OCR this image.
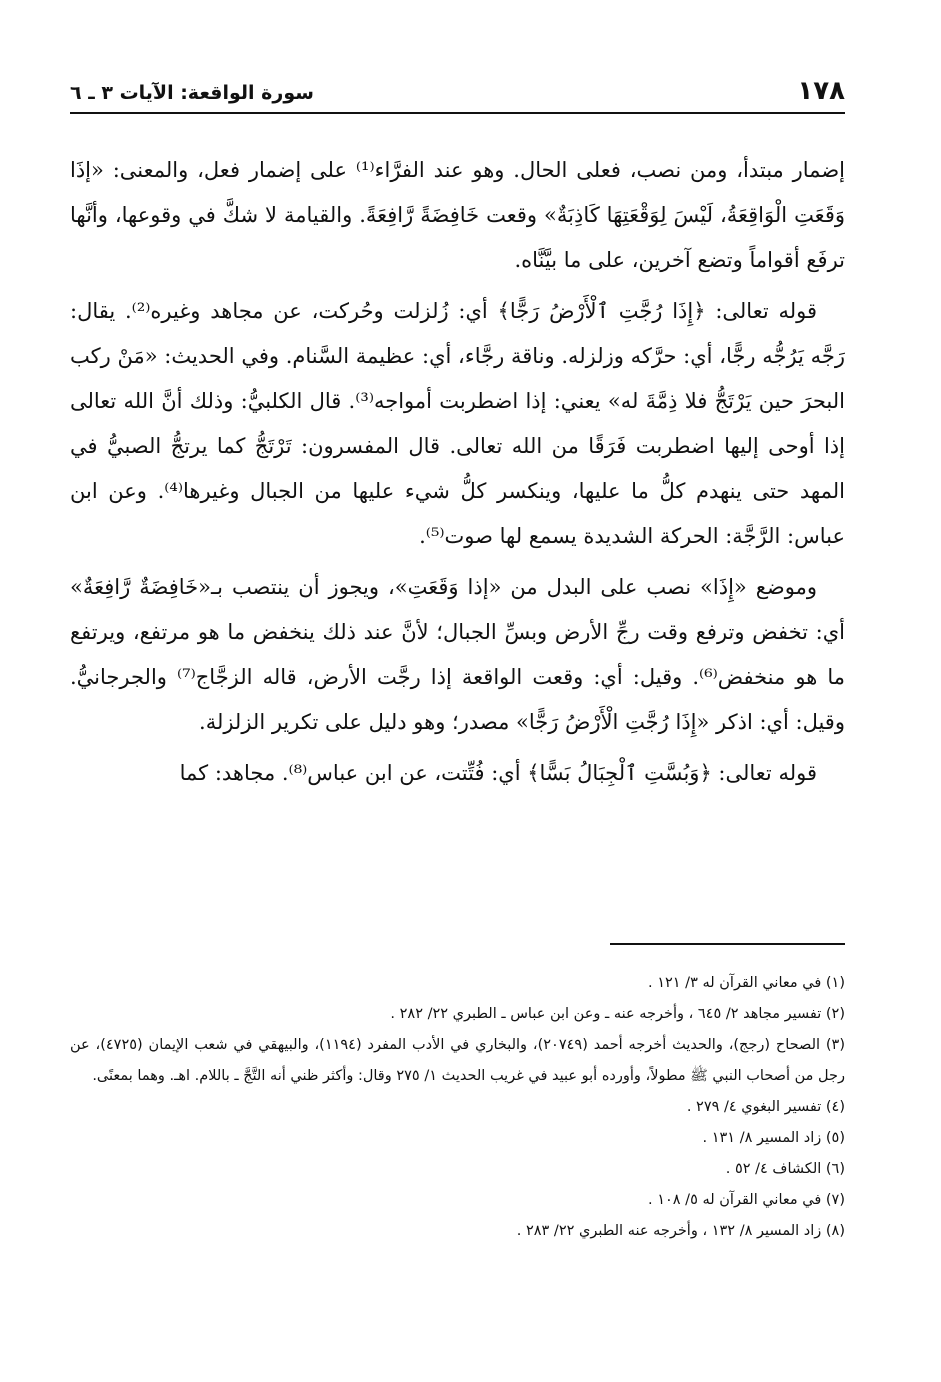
١٧٨
سورة الواقعة: الآيات ٣ ـ ٦

إضمار مبتدأ، ومن نصب، فعلى الحال. وهو عند الفرَّاء⁽¹⁾ على إضمار فعل، والمعنى: «إذَا وَقَعَتِ الْوَاقِعَةُ، لَيْسَ لِوَقْعَتِهَا كَاذِبَةٌ» وقعت خَافِضَةً رَّافِعَةً. والقيامة لا شكَّ في وقوعها، وأنَّها ترفَع أقواماً وتضع آخرين، على ما بيَّنَّاه.

قوله تعالى: ﴿إِذَا رُجَّتِ ٱلْأَرْضُ رَجًّا﴾ أي: زُلزلت وحُركت، عن مجاهد وغيره⁽²⁾. يقال: رَجَّه يَرُجُّه رجًّا، أي: حرَّكه وزلزله. وناقة رجَّاء، أي: عظيمة السَّنام. وفي الحديث: «مَنْ ركب البحرَ حين يَرْتَجُّ فلا ذِمَّةَ له» يعني: إذا اضطربت أمواجه⁽³⁾. قال الكلبيُّ: وذلك أنَّ الله تعالى إذا أوحى إليها اضطربت فَرَقًا من الله تعالى. قال المفسرون: تَرْتَجُّ كما يرتجُّ الصبيُّ في المهد حتى ينهدم كلُّ ما عليها، وينكسر كلُّ شيء عليها من الجبال وغيرها⁽⁴⁾. وعن ابن عباس: الرَّجَّة: الحركة الشديدة يسمع لها صوت⁽⁵⁾.

وموضع «إِذَا» نصب على البدل من «إذا وَقَعَتِ»، ويجوز أن ينتصب بـ«خَافِضَةٌ رَّافِعَةٌ» أي: تخفض وترفع وقت رجِّ الأرض وبسِّ الجبال؛ لأنَّ عند ذلك ينخفض ما هو مرتفع، ويرتفع ما هو منخفض⁽⁶⁾. وقيل: أي: وقعت الواقعة إذا رجَّت الأرض، قاله الزجَّاج⁽⁷⁾ والجرجانيُّ. وقيل: أي: اذكر «إِذَا رُجَّتِ الْأَرْضُ رَجًّا» مصدر؛ وهو دليل على تكرير الزلزلة.

قوله تعالى: ﴿وَبُسَّتِ ٱلْجِبَالُ بَسًّا﴾ أي: فُتِّتت، عن ابن عباس⁽⁸⁾. مجاهد: كما

(١) في معاني القرآن له ٣/ ١٢١ .

(٢) تفسير مجاهد ٢/ ٦٤٥ ، وأخرجه عنه ـ وعن ابن عباس ـ الطبري ٢٢/ ٢٨٢ .

(٣) الصحاح (رجج)، والحديث أخرجه أحمد (٢٠٧٤٩)، والبخاري في الأدب المفرد (١١٩٤)، والبيهقي في شعب الإيمان (٤٧٢٥)، عن رجل من أصحاب النبي ﷺ مطولاً، وأورده أبو عبيد في غريب الحديث ١/ ٢٧٥ وقال: وأكثر ظني أنه التَّجَّ ـ باللام. اهـ. وهما بمعنًى.

(٤) تفسير البغوي ٤/ ٢٧٩ .

(٥) زاد المسير ٨/ ١٣١ .

(٦) الكشاف ٤/ ٥٢ .

(٧) في معاني القرآن له ٥/ ١٠٨ .

(٨) زاد المسير ٨/ ١٣٢ ، وأخرجه عنه الطبري ٢٢/ ٢٨٣ .
